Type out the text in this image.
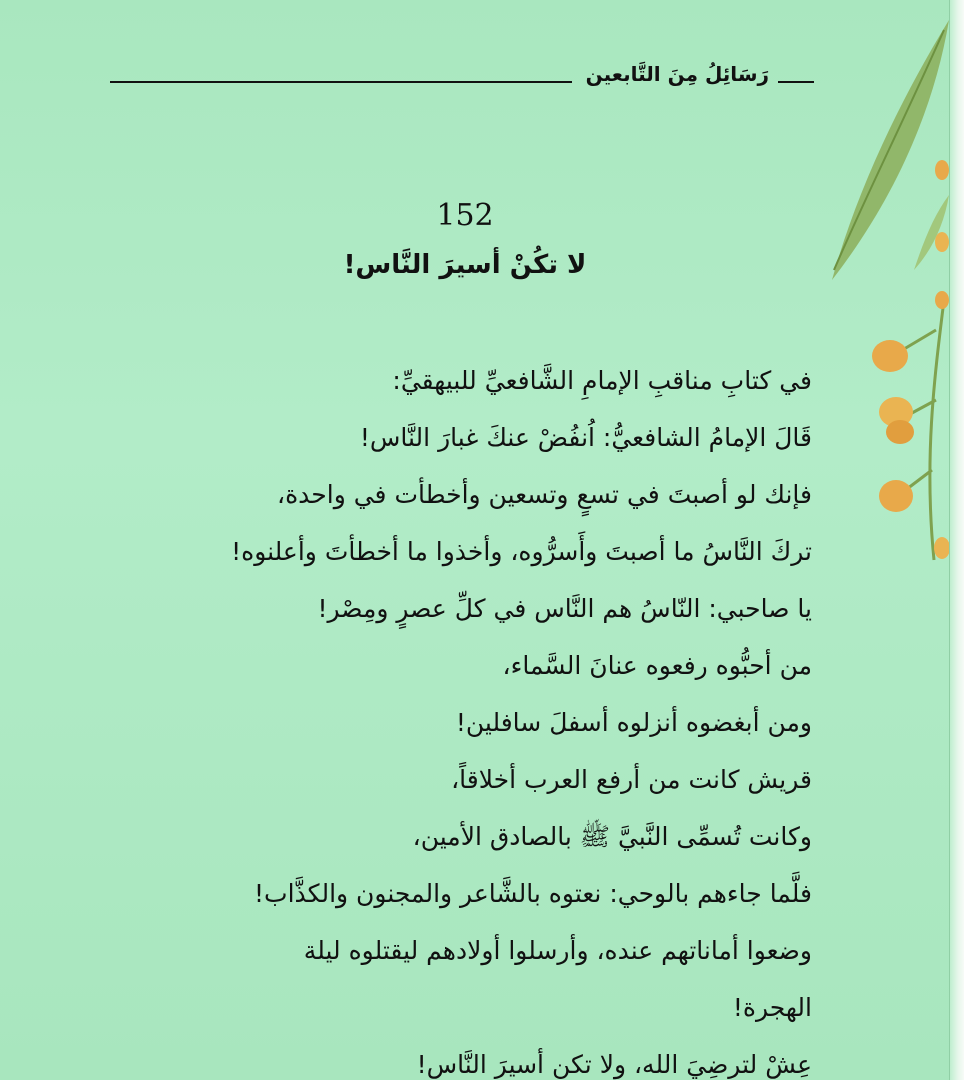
رَسَائِلُ مِنَ التَّابعين
152
لا تكُنْ أسيرَ النَّاس!
في كتابِ مناقبِ الإمامِ الشَّافعيِّ للبيهقيِّ:
قَالَ الإمامُ الشافعيُّ: اُنفُضْ عنكَ غبارَ النَّاس!
فإنك لو أصبتَ في تسعٍ وتسعين وأخطأت في واحدة،
تركَ النَّاسُ ما أصبتَ وأَسرُّوه، وأخذوا ما أخطأتَ وأعلنوه!
يا صاحبي: النّاسُ هم النَّاس في كلِّ عصرٍ ومِصْر!
من أحبُّوه رفعوه عنانَ السَّماء،
ومن أبغضوه أنزلوه أسفلَ سافلين!
قريش كانت من أرفع العرب أخلاقاً،
وكانت تُسمِّى النَّبيَّ ﷺ بالصادق الأمين،
فلَّما جاءهم بالوحي: نعتوه بالشَّاعر والمجنون والكذَّاب!
وضعوا أماناتهم عنده، وأرسلوا أولادهم ليقتلوه ليلة
الهجرة!
عِشْ لترضِيَ الله، ولا تكن أسيرَ النَّاس!
